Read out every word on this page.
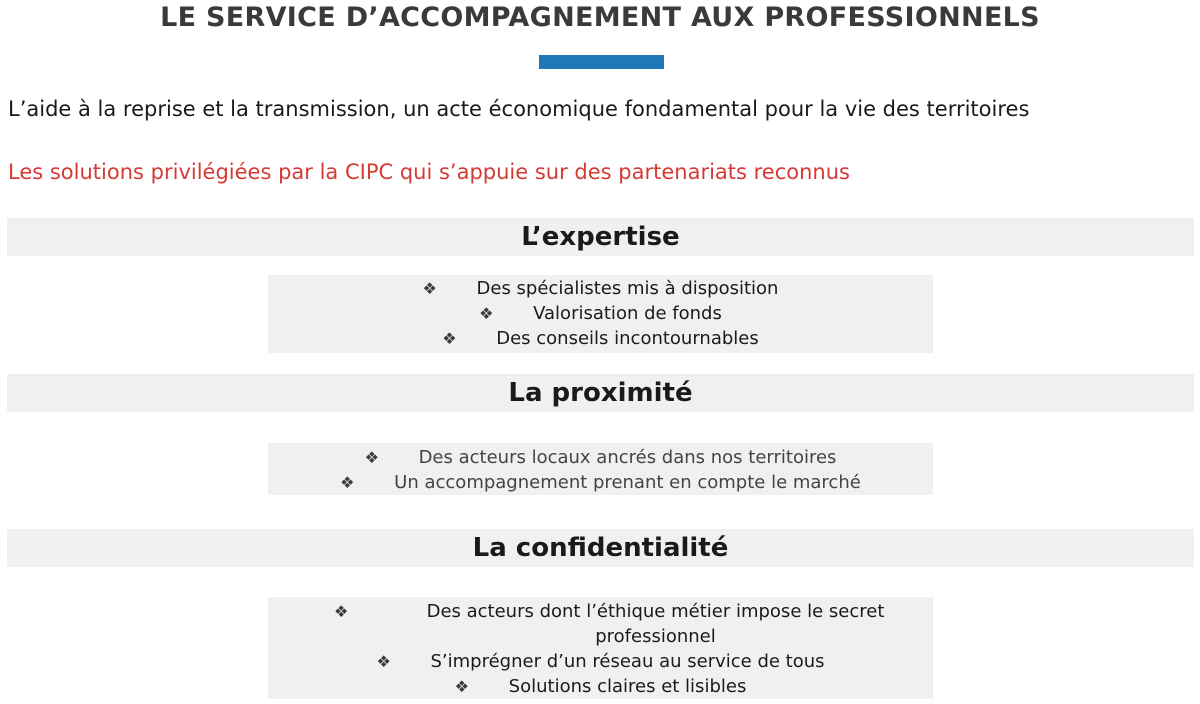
LE SERVICE D’ACCOMPAGNEMENT AUX PROFESSIONNELS
L’aide à la reprise et la transmission, un acte économique fondamental pour la vie des territoires
Les solutions privilégiées par la CIPC qui s’appuie sur des partenariats reconnus
L’expertise
❖	Des spécialistes mis à disposition
❖	Valorisation de fonds
❖	Des conseils incontournables
La proximité
❖	Des acteurs locaux ancrés dans nos territoires
❖	Un accompagnement prenant en compte le marché
La confidentialité
❖	Des acteurs dont l’éthique métier impose le secret professionnel
❖	S’imprégner d’un réseau au service de tous
❖	Solutions claires et lisibles
